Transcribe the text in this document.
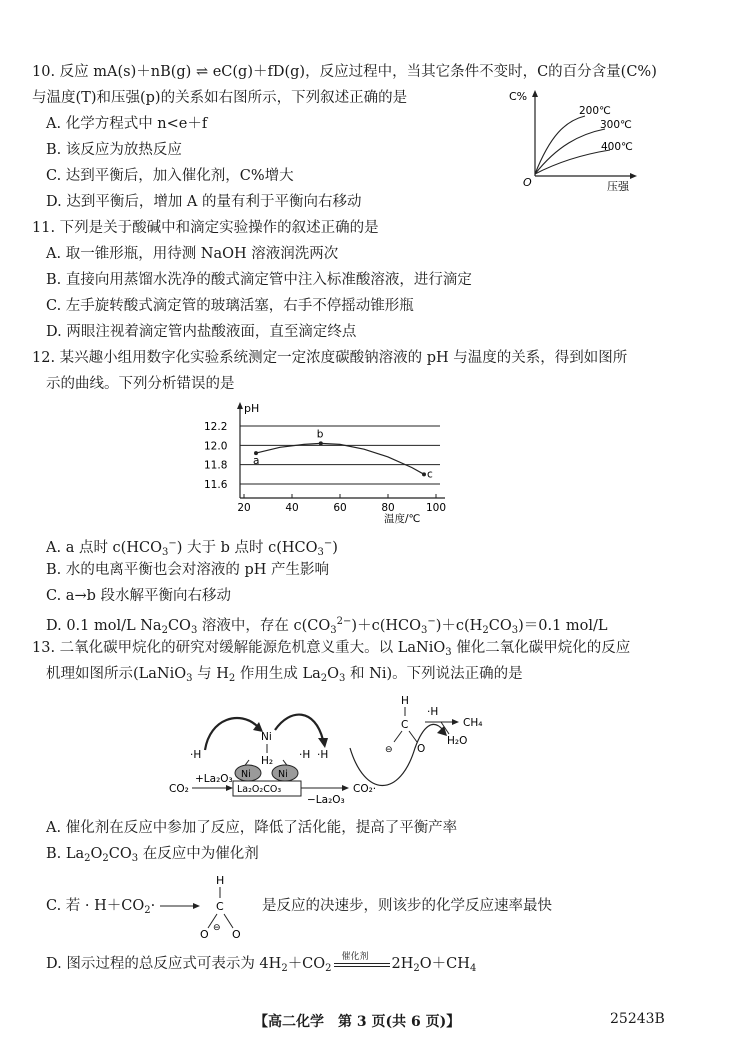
10. 反应 mA(s)＋nB(g) ⇌ eC(g)＋fD(g)，反应过程中，当其它条件不变时，C的百分含量(C%)
与温度(T)和压强(p)的关系如右图所示，下列叙述正确的是
A. 化学方程式中 n<e＋f
B. 该反应为放热反应
C. 达到平衡后，加入催化剂，C%增大
D. 达到平衡后，增加 A 的量有利于平衡向右移动
C%
O	压强
200℃
300℃
400℃
11. 下列是关于酸碱中和滴定实验操作的叙述正确的是
A. 取一锥形瓶，用待测 NaOH 溶液润洗两次
B. 直接向用蒸馏水洗净的酸式滴定管中注入标准酸溶液，进行滴定
C. 左手旋转酸式滴定管的玻璃活塞，右手不停摇动锥形瓶
D. 两眼注视着滴定管内盐酸液面，直至滴定终点
12. 某兴趣小组用数字化实验系统测定一定浓度碳酸钠溶液的 pH 与温度的关系，得到如图所
示的曲线。下列分析错误的是
pH
温度/℃
11.6
11.8
12.0
12.2
20	40	60	80	100
a
b
c
A. a 点时 $c(HCO_3^-)$ 大于 b 点时 $c(HCO_3^-)$
B. 水的电离平衡也会对溶液的 pH 产生影响
C. a→b 段水解平衡向右移动
D. 0.1 mol/L $Na_2CO_3$ 溶液中，存在 $c(CO_3^{2-})+c(HCO_3^-)+c(H_2CO_3)=0.1$ mol/L
13. 二氧化碳甲烷化的研究对缓解能源危机意义重大。以 LaNiO$_3$ 催化二氧化碳甲烷化的反应
机理如图所示(LaNiO$_3$ 与 $H_2$ 作用生成 $La_2O_3$ 和 Ni)。下列说法正确的是
·H
Ni
H₂ ·H ·H
Ni	Ni
La₂O₂CO₃
CO₂
+La₂O₃
CO₂·
−La₂O₃
H
C
⊖ O
·H
CH₄
H₂O
A. 催化剂在反应中参加了反应，降低了活化能，提高了平衡产率
B. $La_2O_2CO_3$ 在反应中为催化剂
C. 若 · $H+CO_2\cdot$
H
C
O ⊖ O
是反应的决速步，则该步的化学反应速率最快
D. 图示过程的总反应式可表示为 $4H_2+CO_2$
催化剂 $2H_2O+CH_4$
【高二化学　第 3 页(共 6 页)】	25243B
